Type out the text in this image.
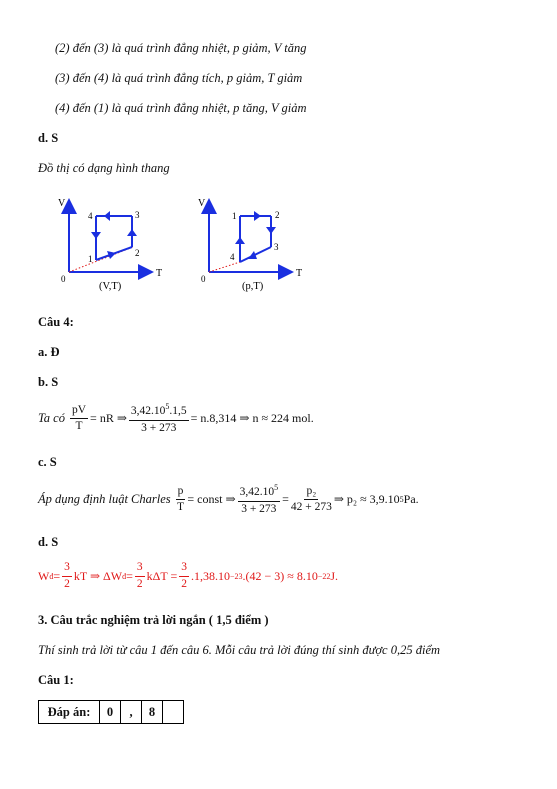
(2) đến (3) là quá trình đẳng nhiệt, p giảm, V tăng
(3) đến (4) là quá trình đẳng tích, p giảm, T giảm
(4) đến (1) là quá trình đẳng nhiệt, p tăng, V giảm
d. S
Đồ thị có dạng hình thang
V
T
0
1
2
3
4
(V,T)
V
T
0
1	2
3
4
(p,T)
Câu 4:
a. Đ
b. S
Ta có
$\frac{pV}{T}$ = nR ⇒ $\frac{3,42.10^5.1,5}{3 + 273} = n.8,314$ ⇒ n ≈ 224 mol.
c. S
Áp dụng định luật Charles
$\frac{p}{T}$ = const ⇒ $\frac{3,42.10^5}{3 + 273} = \frac{\text{p₂}}{42 + 273}$ ⇒ p₂ ≈ 3,9.10 5 Pa.
d. S
W đ = $\frac{3}{2}$ kT ⇒ ΔW đ = $\frac{3}{2}$ $k\Delta T = \frac{3}{2} .1,38.10 -23$ .(42 − 3) ≈ 8.10 −22 J.
3. Câu trắc nghiệm trả lời ngắn ( 1,5 điểm )
Thí sinh trả lời từ câu 1 đến câu 6. Mỗi câu trả lời đúng thí sinh được 0,25 điểm
Câu 1:
Đáp án:	0	,	8	
